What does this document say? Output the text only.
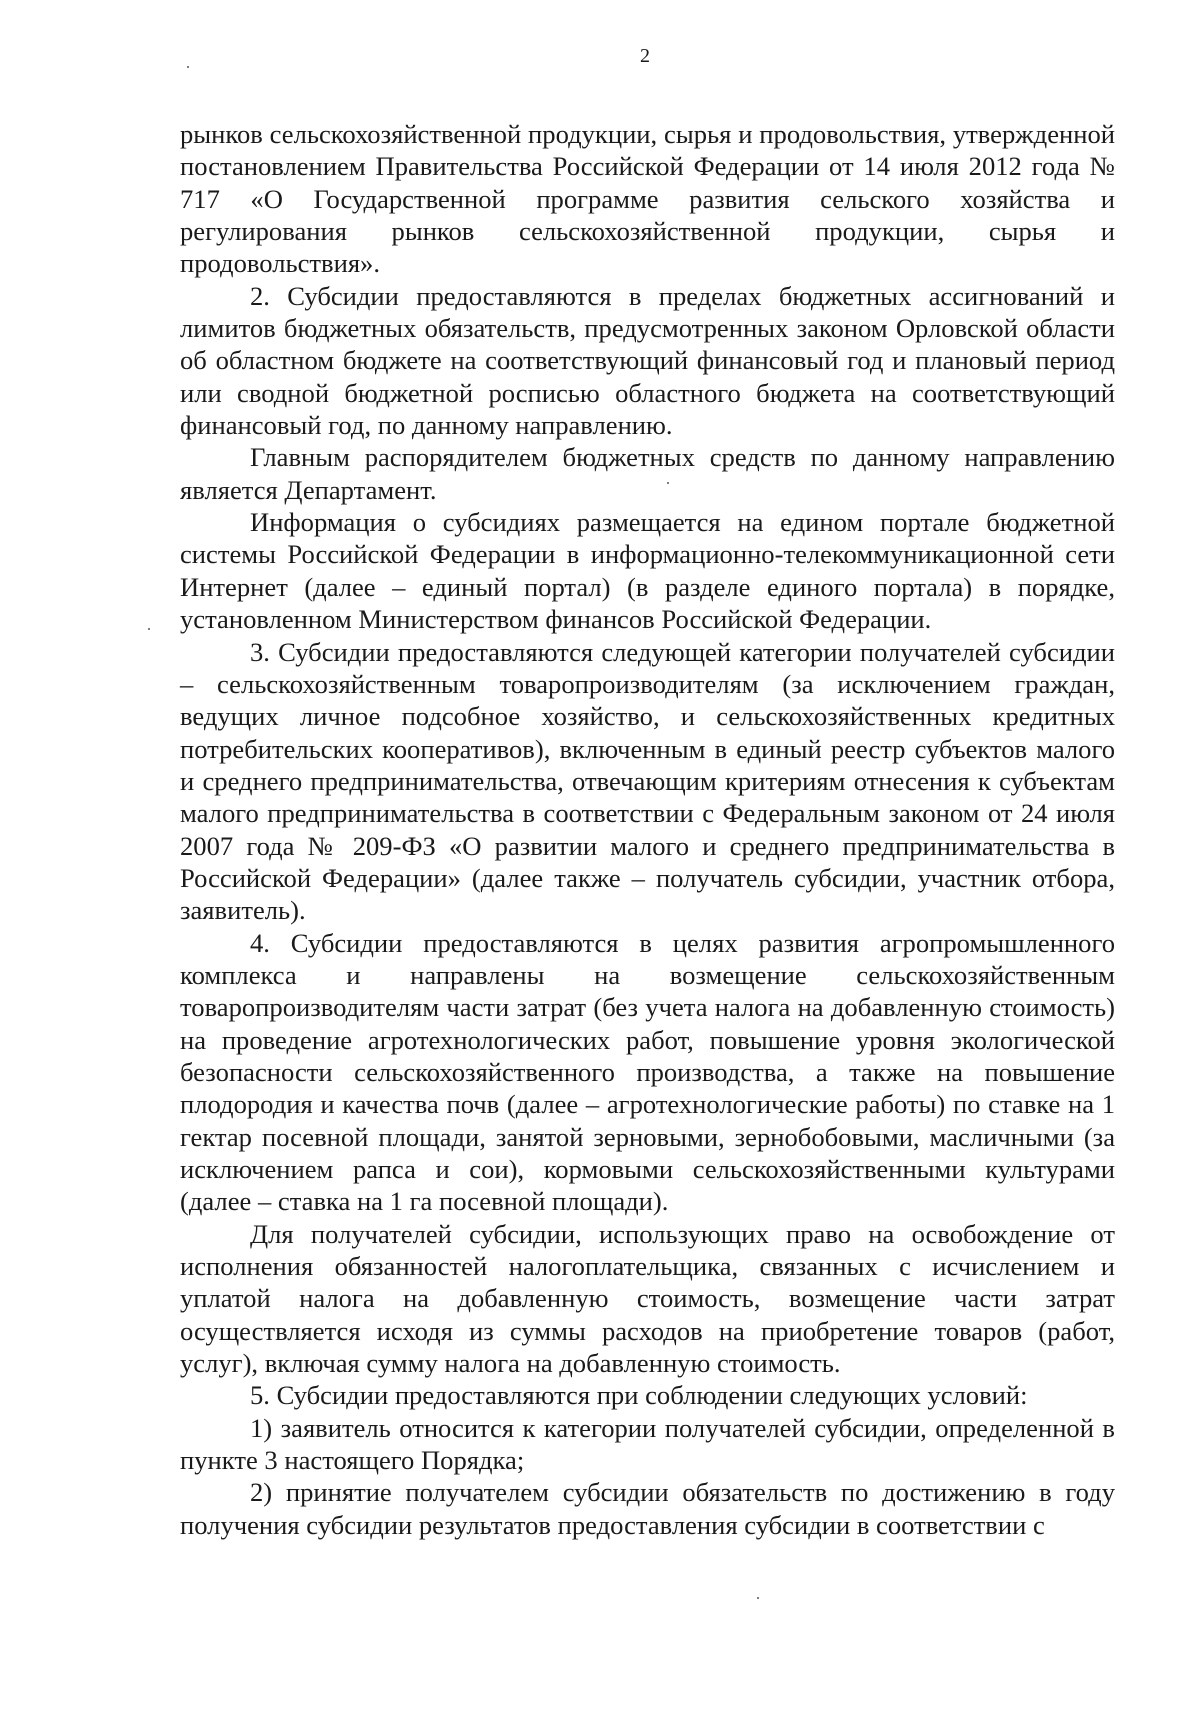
2

рынков сельскохозяйственной продукции, сырья и продовольствия, утвержденной постановлением Правительства Российской Федерации от 14 июля 2012 года № 717 «О Государственной программе развития сельского хозяйства и регулирования рынков сельскохозяйственной продукции, сырья и продовольствия».

2. Субсидии предоставляются в пределах бюджетных ассигнований и лимитов бюджетных обязательств, предусмотренных законом Орловской области об областном бюджете на соответствующий финансовый год и плановый период или сводной бюджетной росписью областного бюджета на соответствующий финансовый год, по данному направлению.

Главным распорядителем бюджетных средств по данному направлению является Департамент.

Информация о субсидиях размещается на едином портале бюджетной системы Российской Федерации в информационно-телекоммуникационной сети Интернет (далее – единый портал) (в разделе единого портала) в порядке, установленном Министерством финансов Российской Федерации.

3. Субсидии предоставляются следующей категории получателей субсидии – сельскохозяйственным товаропроизводителям (за исключением граждан, ведущих личное подсобное хозяйство, и сельскохозяйственных кредитных потребительских кооперативов), включенным в единый реестр субъектов малого и среднего предпринимательства, отвечающим критериям отнесения к субъектам малого предпринимательства в соответствии с Федеральным законом от 24 июля 2007 года № 209-ФЗ «О развитии малого и среднего предпринимательства в Российской Федерации» (далее также – получатель субсидии, участник отбора, заявитель).

4. Субсидии предоставляются в целях развития агропромышленного комплекса и направлены на возмещение сельскохозяйственным товаропроизводителям части затрат (без учета налога на добавленную стоимость) на проведение агротехнологических работ, повышение уровня экологической безопасности сельскохозяйственного производства, а также на повышение плодородия и качества почв (далее – агротехнологические работы) по ставке на 1 гектар посевной площади, занятой зерновыми, зернобобовыми, масличными (за исключением рапса и сои), кормовыми сельскохозяйственными культурами (далее – ставка на 1 га посевной площади).

Для получателей субсидии, использующих право на освобождение от исполнения обязанностей налогоплательщика, связанных с исчислением и уплатой налога на добавленную стоимость, возмещение части затрат осуществляется исходя из суммы расходов на приобретение товаров (работ, услуг), включая сумму налога на добавленную стоимость.

5. Субсидии предоставляются при соблюдении следующих условий:

1) заявитель относится к категории получателей субсидии, определенной в пункте 3 настоящего Порядка;

2) принятие получателем субсидии обязательств по достижению в году получения субсидии результатов предоставления субсидии в соответствии с
